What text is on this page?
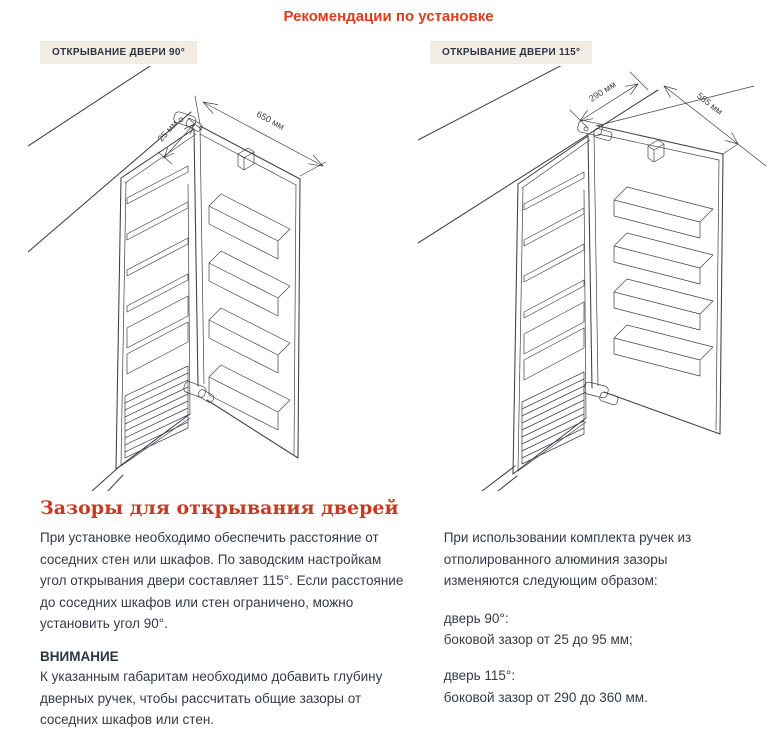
Рекомендации по установке
ОТКРЫВАНИЕ ДВЕРИ 90°
25 мм	650 мм
ОТКРЫВАНИЕ ДВЕРИ 115°
290 мм	585 мм
Зазоры для открывания дверей

При установке необходимо обеспечить расстояние от соседних стен или шкафов. По заводским настройкам угол открывания двери составляет 115°. Если расстояние до соседних шкафов или стен ограничено, можно установить угол 90°.

ВНИМАНИЕ

К указанным габаритам необходимо добавить глубину дверных ручек, чтобы рассчитать общие зазоры от соседних шкафов или стен.

При использовании комплекта ручек из отполированного алюминия зазоры изменяются следующим образом:

дверь 90°:
боковой зазор от 25 до 95 мм;
дверь 115°:
боковой зазор от 290 до 360 мм.
